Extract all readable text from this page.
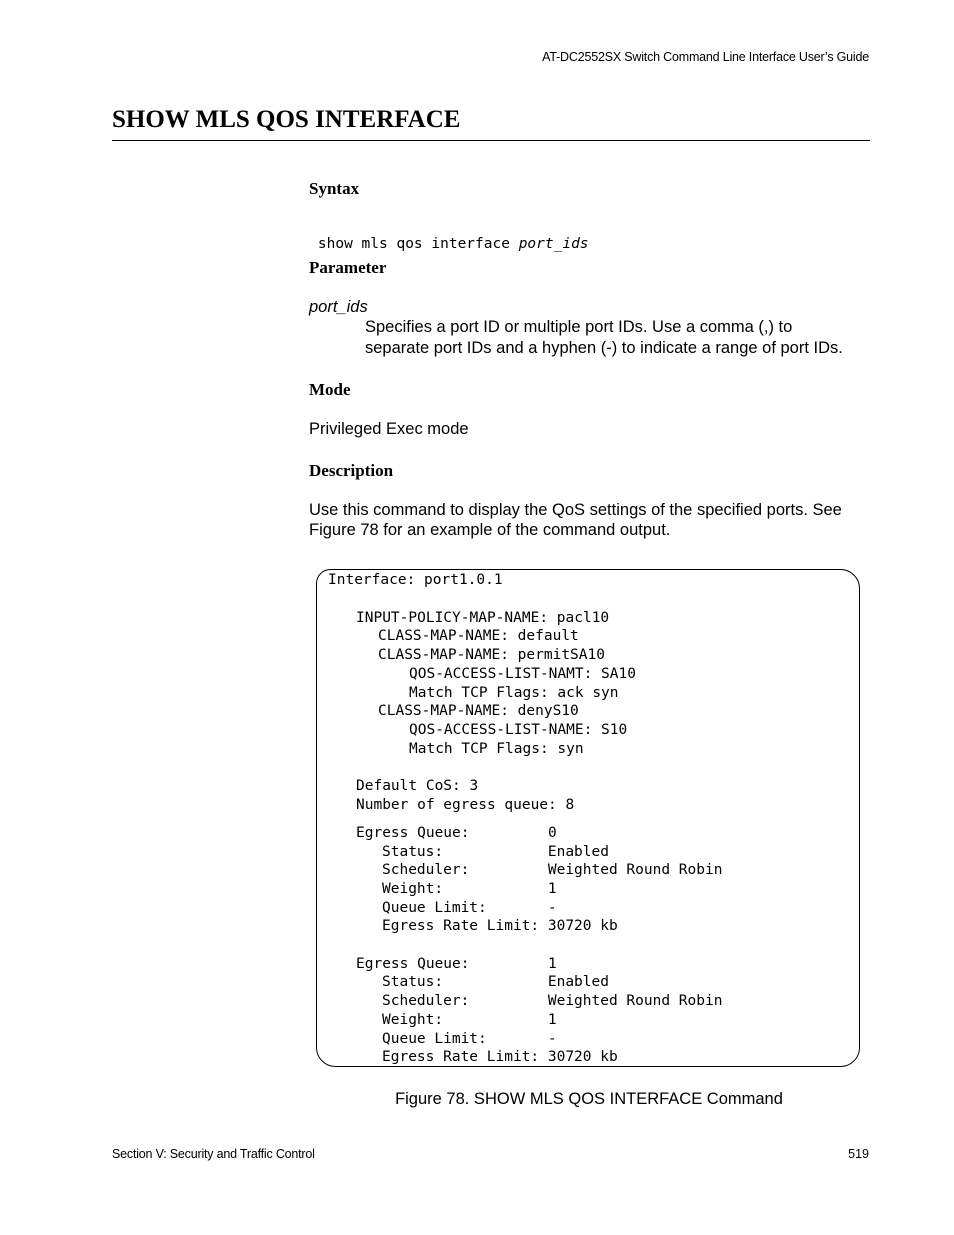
AT-DC2552SX Switch Command Line Interface User’s Guide
SHOW MLS QOS INTERFACE
Syntax

show mls qos interface port_ids

Parameter
port_ids
Specifies a port ID or multiple port IDs. Use a comma (,) to
separate port IDs and a hyphen (-) to indicate a range of port IDs.
Mode
Privileged Exec mode
Description
Use this command to display the QoS settings of the specified ports. See
Figure 78 for an example of the command output.
Interface: port1.0.1
INPUT-POLICY-MAP-NAME: pacl10
CLASS-MAP-NAME: default
CLASS-MAP-NAME: permitSA10
QOS-ACCESS-LIST-NAMT: SA10
Match TCP Flags: ack syn
CLASS-MAP-NAME: denyS10
QOS-ACCESS-LIST-NAME: S10
Match TCP Flags: syn
Default CoS: 3
Number of egress queue: 8
Egress Queue:         0
Status:            Enabled
Scheduler:         Weighted Round Robin
Weight:            1
Queue Limit:       -
Egress Rate Limit: 30720 kb
Egress Queue:         1
Status:            Enabled
Scheduler:         Weighted Round Robin
Weight:            1
Queue Limit:       -
Egress Rate Limit: 30720 kb
Figure 78. SHOW MLS QOS INTERFACE Command
Section V: Security and Traffic Control	519
